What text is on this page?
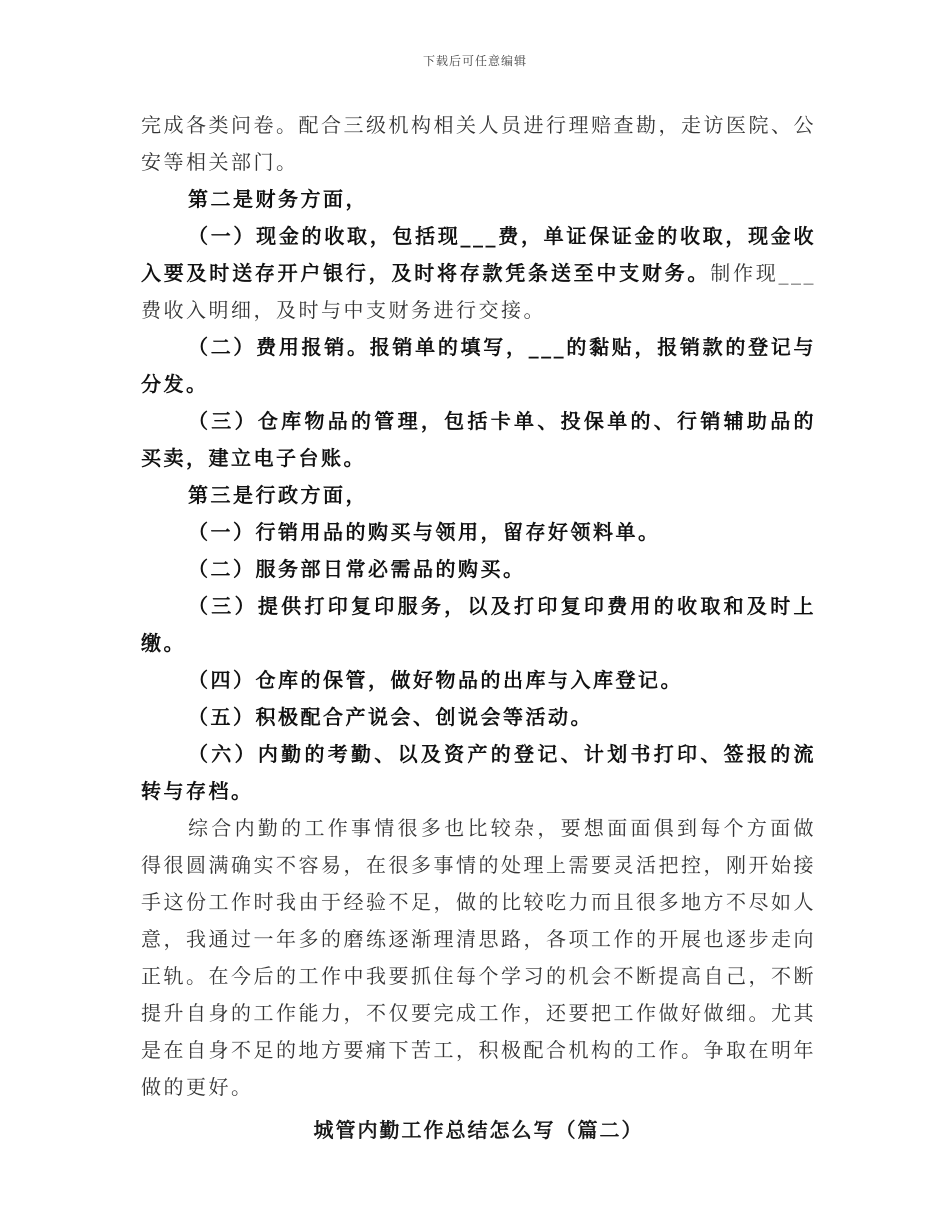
下载后可任意编辑

完成各类问卷。配合三级机构相关人员进行理赔查勘，走访医院、公安等相关部门。

第二是财务方面，

（一）现金的收取，包括现___费，单证保证金的收取，现金收入要及时送存开户银行，及时将存款凭条送至中支财务。制作现___费收入明细，及时与中支财务进行交接。

（二）费用报销。报销单的填写，___的黏贴，报销款的登记与分发。

（三）仓库物品的管理，包括卡单、投保单的、行销辅助品的买卖，建立电子台账。

第三是行政方面，

（一）行销用品的购买与领用，留存好领料单。

（二）服务部日常必需品的购买。

（三）提供打印复印服务，以及打印复印费用的收取和及时上缴。

（四）仓库的保管，做好物品的出库与入库登记。

（五）积极配合产说会、创说会等活动。

（六）内勤的考勤、以及资产的登记、计划书打印、签报的流转与存档。

综合内勤的工作事情很多也比较杂，要想面面俱到每个方面做得很圆满确实不容易，在很多事情的处理上需要灵活把控，刚开始接手这份工作时我由于经验不足，做的比较吃力而且很多地方不尽如人意，我通过一年多的磨练逐渐理清思路，各项工作的开展也逐步走向正轨。在今后的工作中我要抓住每个学习的机会不断提高自己，不断提升自身的工作能力，不仅要完成工作，还要把工作做好做细。尤其是在自身不足的地方要痛下苦工，积极配合机构的工作。争取在明年做的更好。

城管内勤工作总结怎么写（篇二）
